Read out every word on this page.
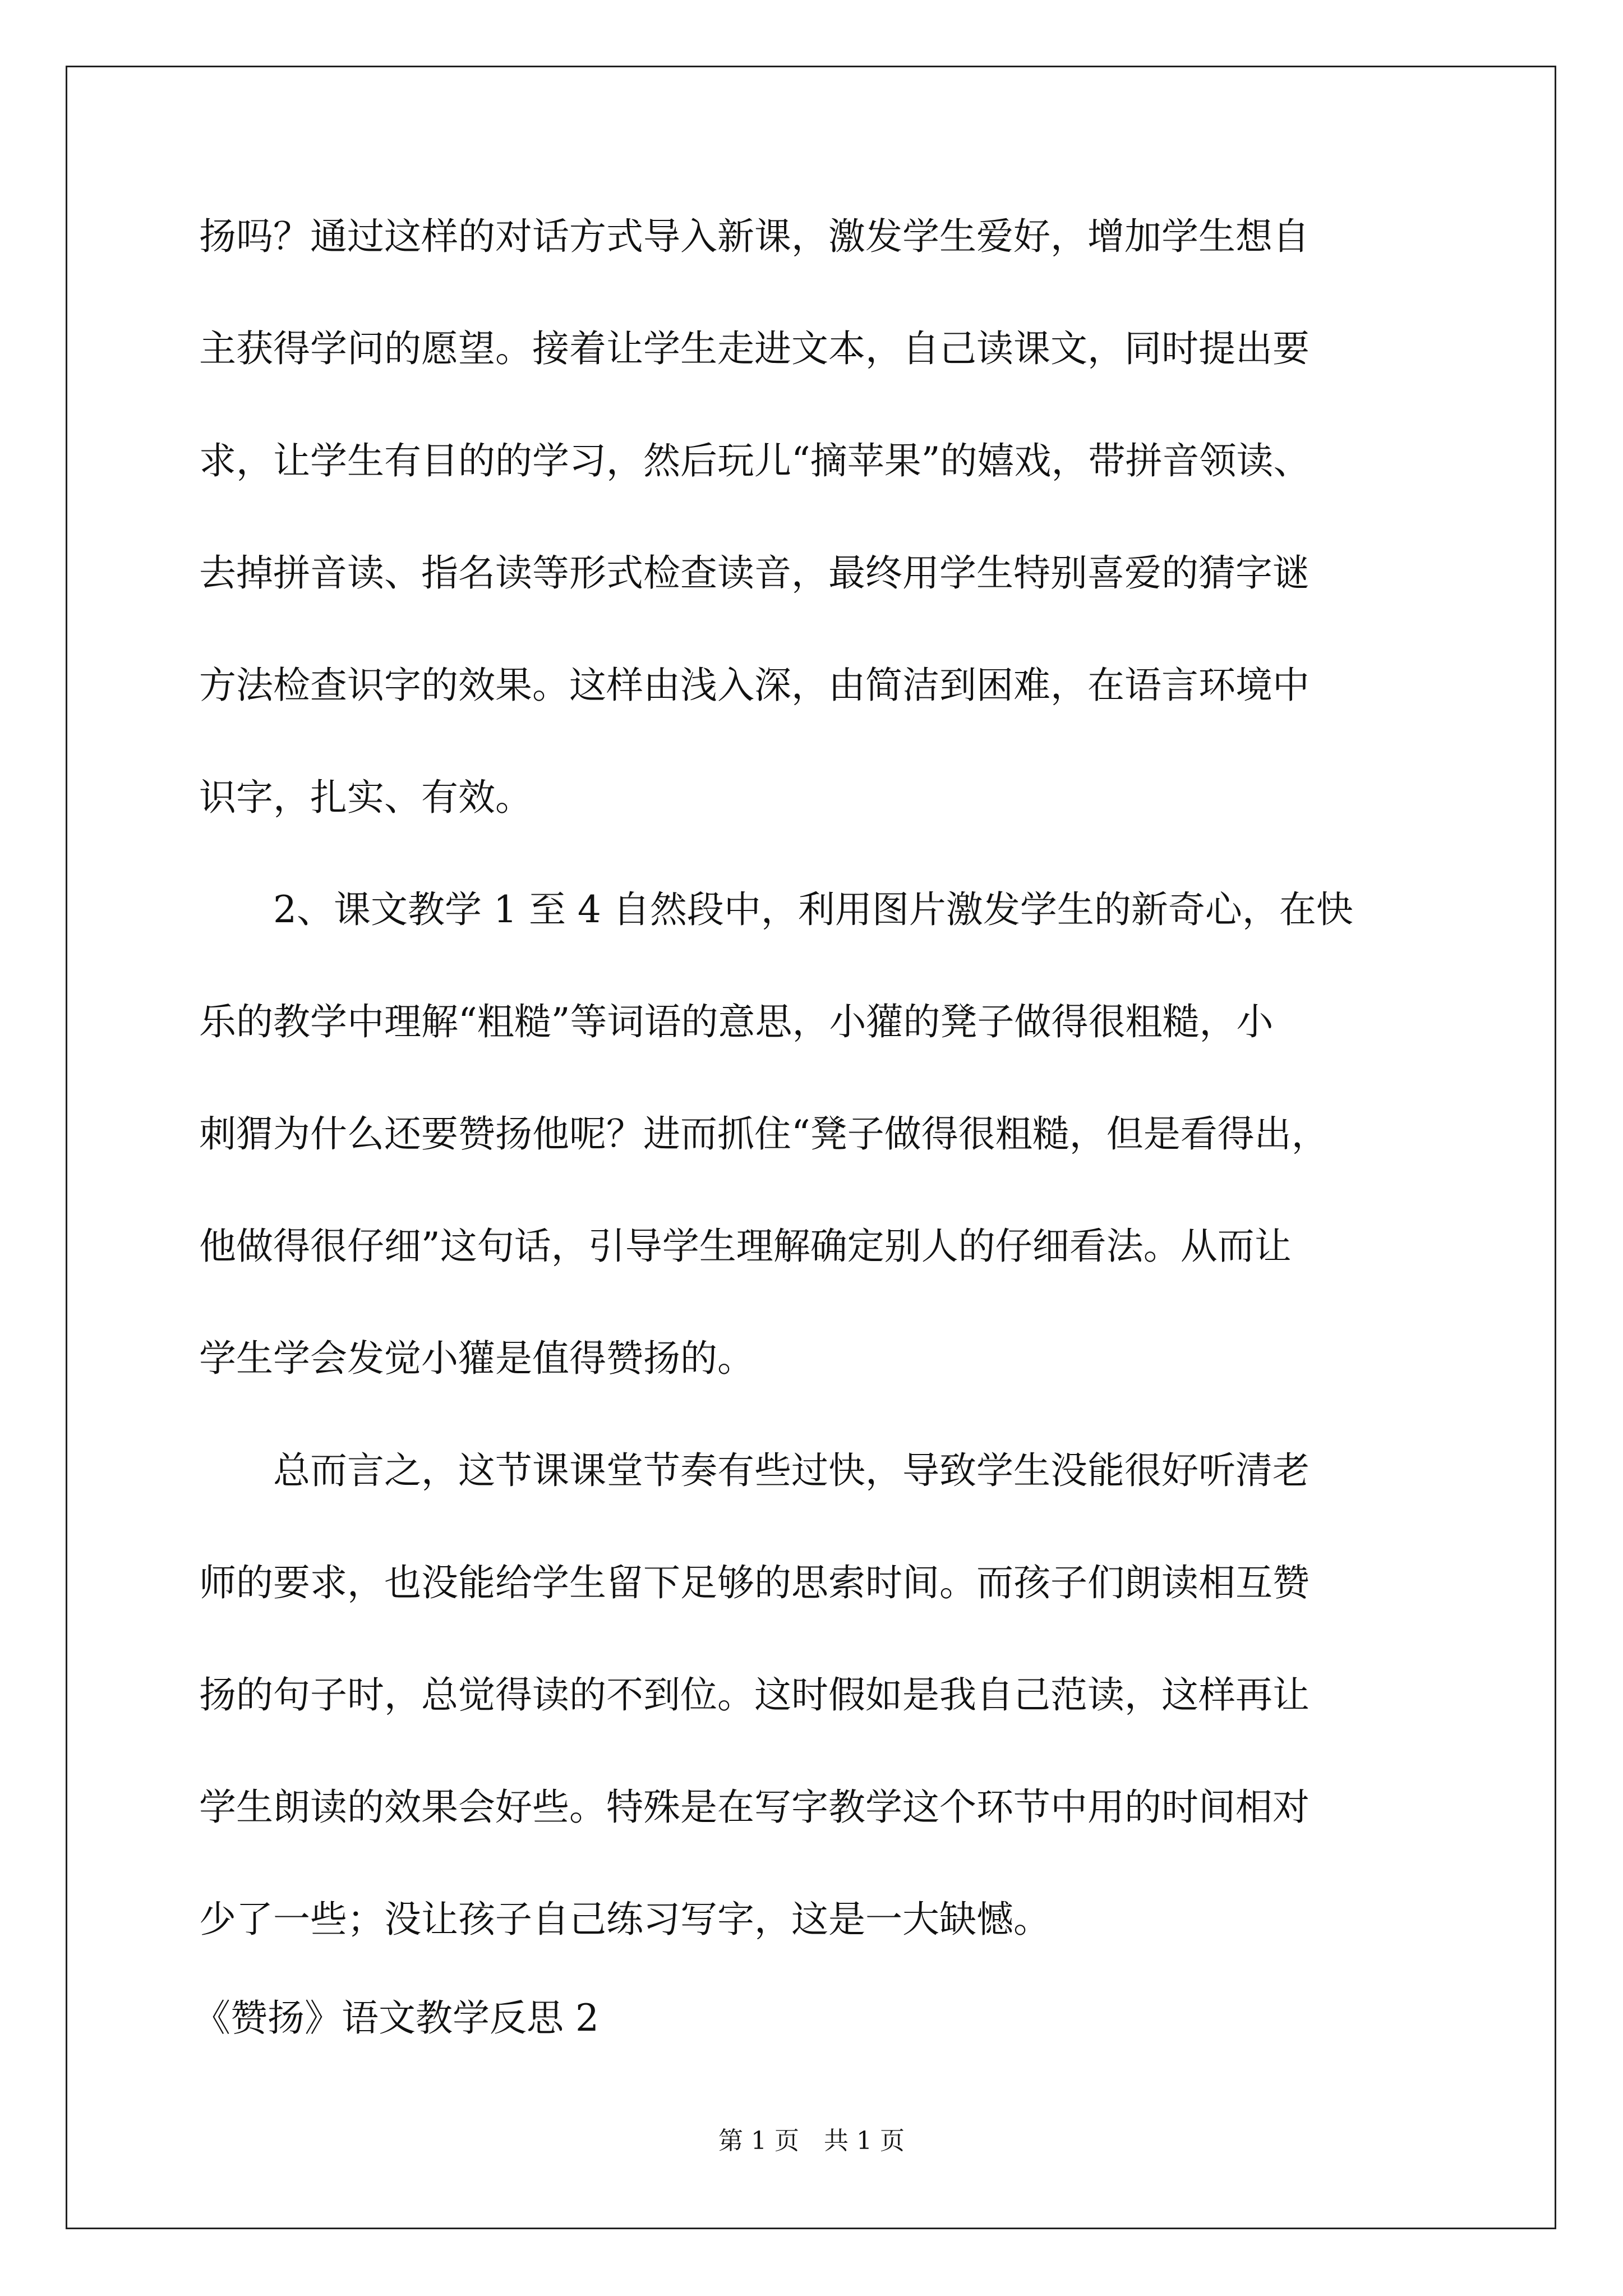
扬吗？通过这样的对话方式导入新课，激发学生爱好，增加学生想自
主获得学问的愿望。接着让学生走进文本，自己读课文，同时提出要
求，让学生有目的的学习，然后玩儿“摘苹果”的嬉戏，带拼音领读、
去掉拼音读、指名读等形式检查读音，最终用学生特别喜爱的猜字谜
方法检查识字的效果。这样由浅入深，由简洁到困难，在语言环境中
识字，扎实、有效。
2、课文教学 1 至 4 自然段中，利用图片激发学生的新奇心，在快
乐的教学中理解“粗糙”等词语的意思，小獾的凳子做得很粗糙，小
刺猬为什么还要赞扬他呢？进而抓住“凳子做得很粗糙，但是看得出，
他做得很仔细”这句话，引导学生理解确定别人的仔细看法。从而让
学生学会发觉小獾是值得赞扬的。
总而言之，这节课课堂节奏有些过快，导致学生没能很好听清老
师的要求，也没能给学生留下足够的思索时间。而孩子们朗读相互赞
扬的句子时，总觉得读的不到位。这时假如是我自己范读，这样再让
学生朗读的效果会好些。特殊是在写字教学这个环节中用的时间相对
少了一些；没让孩子自己练习写字，这是一大缺憾。
《赞扬》语文教学反思 2
第 1 页　共 1 页
